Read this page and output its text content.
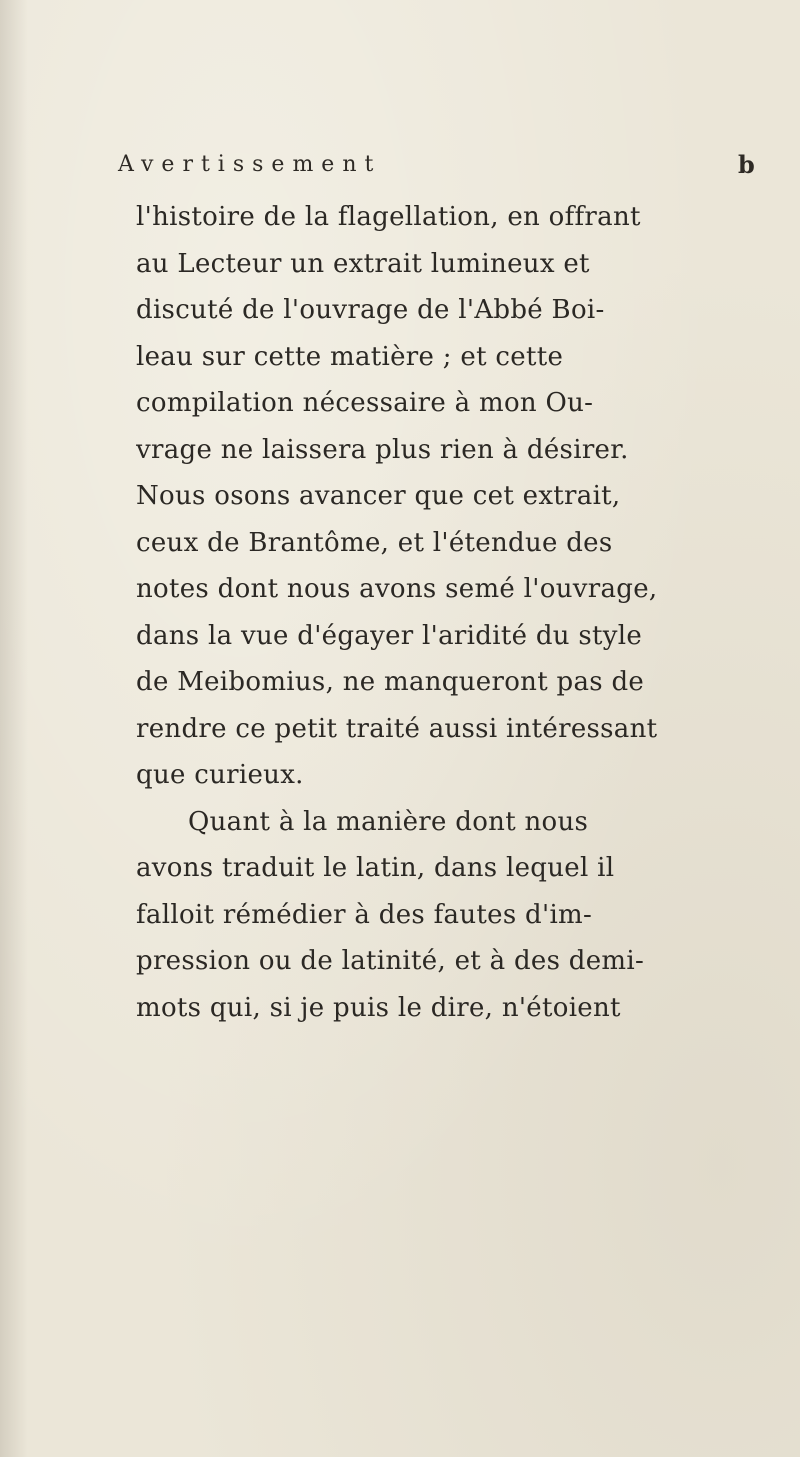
Avertissement	b
l'histoire de la flagellation, en offrant
au Lecteur un extrait lumineux et
discuté de l'ouvrage de l'Abbé Boi-
leau sur cette matière ; et cette
compilation nécessaire à mon Ou-
vrage ne laissera plus rien à désirer.
Nous osons avancer que cet extrait,
ceux de Brantôme, et l'étendue des
notes dont nous avons semé l'ouvrage,
dans la vue d'égayer l'aridité du style
de Meibomius, ne manqueront pas de
rendre ce petit traité aussi intéressant
que curieux.
Quant à la manière dont nous
avons traduit le latin, dans lequel il
falloit rémédier à des fautes d'im-
pression ou de latinité, et à des demi-
mots qui, si je puis le dire, n'étoient
